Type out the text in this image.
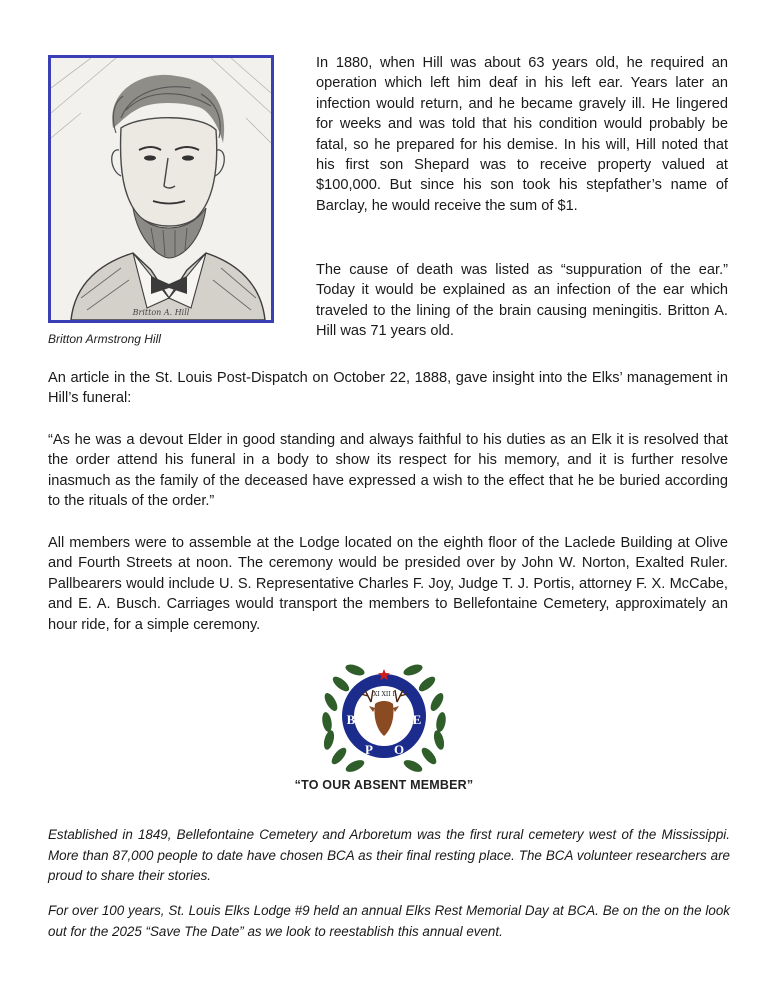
Britton A. Hill
Britton Armstrong Hill

In 1880, when Hill was about 63 years old, he required an operation which left him deaf in his left ear. Years later an infection would return, and he became gravely ill. He lingered for weeks and was told that his condition would probably be fatal, so he prepared for his demise. In his will, Hill noted that his first son Shepard was to receive property valued at $100,000. But since his son took his stepfather’s name of Barclay, he would receive the sum of $1.

The cause of death was listed as “suppuration of the ear.” Today it would be explained as an infection of the ear which traveled to the lining of the brain causing meningitis. Britton A. Hill was 71 years old.

An article in the St. Louis Post-Dispatch on October 22, 1888, gave insight into the Elks’ management in Hill’s funeral:

“As he was a devout Elder in good standing and always faithful to his duties as an Elk it is resolved that the order attend his funeral in a body to show its respect for his memory, and it is further resolve inasmuch as the family of the deceased have expressed a wish to the effect that he be buried according to the rituals of the order.”

All members were to assemble at the Lodge located on the eighth floor of the Laclede Building at Olive and Fourth Streets at noon. The ceremony would be presided over by John W. Norton, Exalted Ruler. Pallbearers would include U. S. Representative Charles F. Joy, Judge T. J. Portis, attorney F. X. McCabe, and E. A. Busch. Carriages would transport the members to Bellefontaine Cemetery, approximately an hour ride, for a simple ceremony.

XI XII I
B
P O
E
“TO OUR ABSENT MEMBER”

Established in 1849, Bellefontaine Cemetery and Arboretum was the first rural cemetery west of the Mississippi. More than 87,000 people to date have chosen BCA as their final resting place. The BCA volunteer researchers are proud to share their stories.

For over 100 years, St. Louis Elks Lodge #9 held an annual Elks Rest Memorial Day at BCA. Be on the on the look out for the 2025 “Save The Date” as we look to reestablish this annual event.
